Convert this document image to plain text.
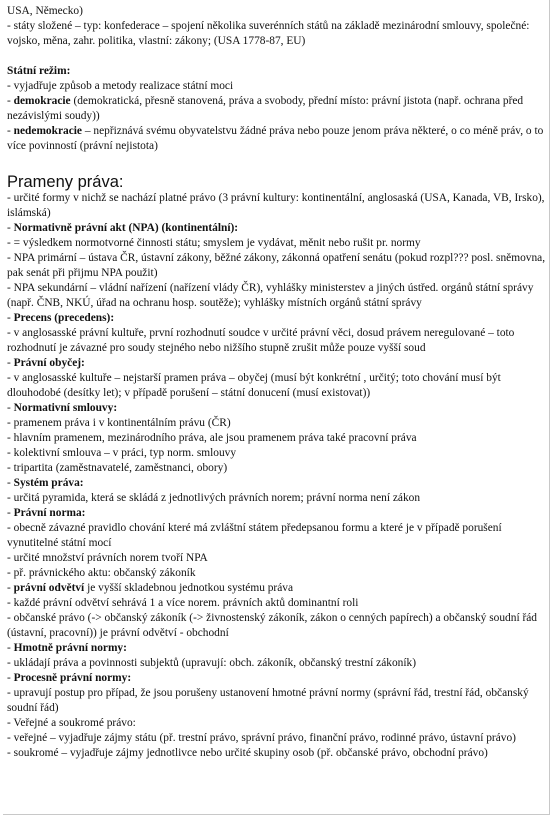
USA, Německo)

- státy složené – typ: konfederace – spojení několika suverénních států na základě mezinárodní smlouvy, společné: vojsko, měna, zahr. politika, vlastní: zákony; (USA 1778-87, EU)

Státní režim:

- vyjadřuje způsob a metody realizace státní moci

- demokracie (demokratická, přesně stanovená, práva a svobody, přední místo: právní jistota (např. ochrana před nezávislými soudy))

- nedemokracie – nepřiznává svému obyvatelstvu žádné práva nebo pouze jenom práva některé, o co méně práv, o to více povinností (právní nejistota)

Prameny práva:

- určité formy v nichž se nachází platné právo (3 právní kultury: kontinentální, anglosaská (USA, Kanada, VB, Irsko), islámská)

- Normativně právní akt (NPA) (kontinentální):

- = výsledkem normotvorné činnosti státu; smyslem je vydávat, měnit nebo rušit pr. normy

- NPA primární – ústava ČR, ústavní zákony, běžné zákony, zákonná opatření senátu (pokud rozpl??? posl. sněmovna, pak senát při přijmu NPA použit)

- NPA sekundární – vládní nařízení (nařízení vlády ČR), vyhlášky ministerstev a jiných ústřed. orgánů státní správy (např. ČNB, NKÚ, úřad na ochranu hosp. soutěže); vyhlášky místních orgánů státní správy

- Precens (precedens):

- v anglosasské právní kultuře, první rozhodnutí soudce v určité právní věci, dosud právem neregulované – toto rozhodnutí je závazné pro soudy stejného nebo nižšího stupně zrušit může pouze vyšší soud

- Právní obyčej:

- v anglosasské kultuře – nejstarší pramen práva – obyčej (musí být konkrétní , určitý; toto chování musí být dlouhodobé (desítky let); v případě porušení – státní donucení (musí existovat))

- Normativní smlouvy:

- pramenem práva i v kontinentálním právu (ČR)

- hlavním pramenem, mezinárodního práva, ale jsou pramenem práva také pracovní práva

- kolektivní smlouva – v práci, typ norm. smlouvy

- tripartita (zaměstnavatelé, zaměstnanci, obory)

- Systém práva:

- určitá pyramida, která se skládá z jednotlivých právních norem; právní norma není zákon

- Právní norma:

- obecně závazné pravidlo chování které má zvláštní státem předepsanou formu a které je v případě porušení vynutitelné státní mocí

- určité množství právních norem tvoří NPA

- př. právnického aktu: občanský zákoník

- právní odvětví je vyšší skladebnou jednotkou systému práva

- každé právní odvětví sehrává 1 a více norem. právních aktů dominantní roli

- občanské právo (-> občanský zákoník (-> živnostenský zákoník, zákon o cenných papírech) a občanský soudní řád (ústavní, pracovní)) je právní odvětví - obchodní

- Hmotně právní normy:

- ukládají práva a povinnosti subjektů (upravují: obch. zákoník, občanský trestní zákoník)

- Procesně právní normy:

- upravují postup pro případ, že jsou porušeny ustanovení hmotné právní normy (správní řád, trestní řád, občanský soudní řád)

- Veřejné a soukromé právo:

- veřejné – vyjadřuje zájmy státu (př. trestní právo, správní právo, finanční právo, rodinné právo, ústavní právo)

- soukromé – vyjadřuje zájmy jednotlivce nebo určité skupiny osob (př. občanské právo, obchodní právo)
